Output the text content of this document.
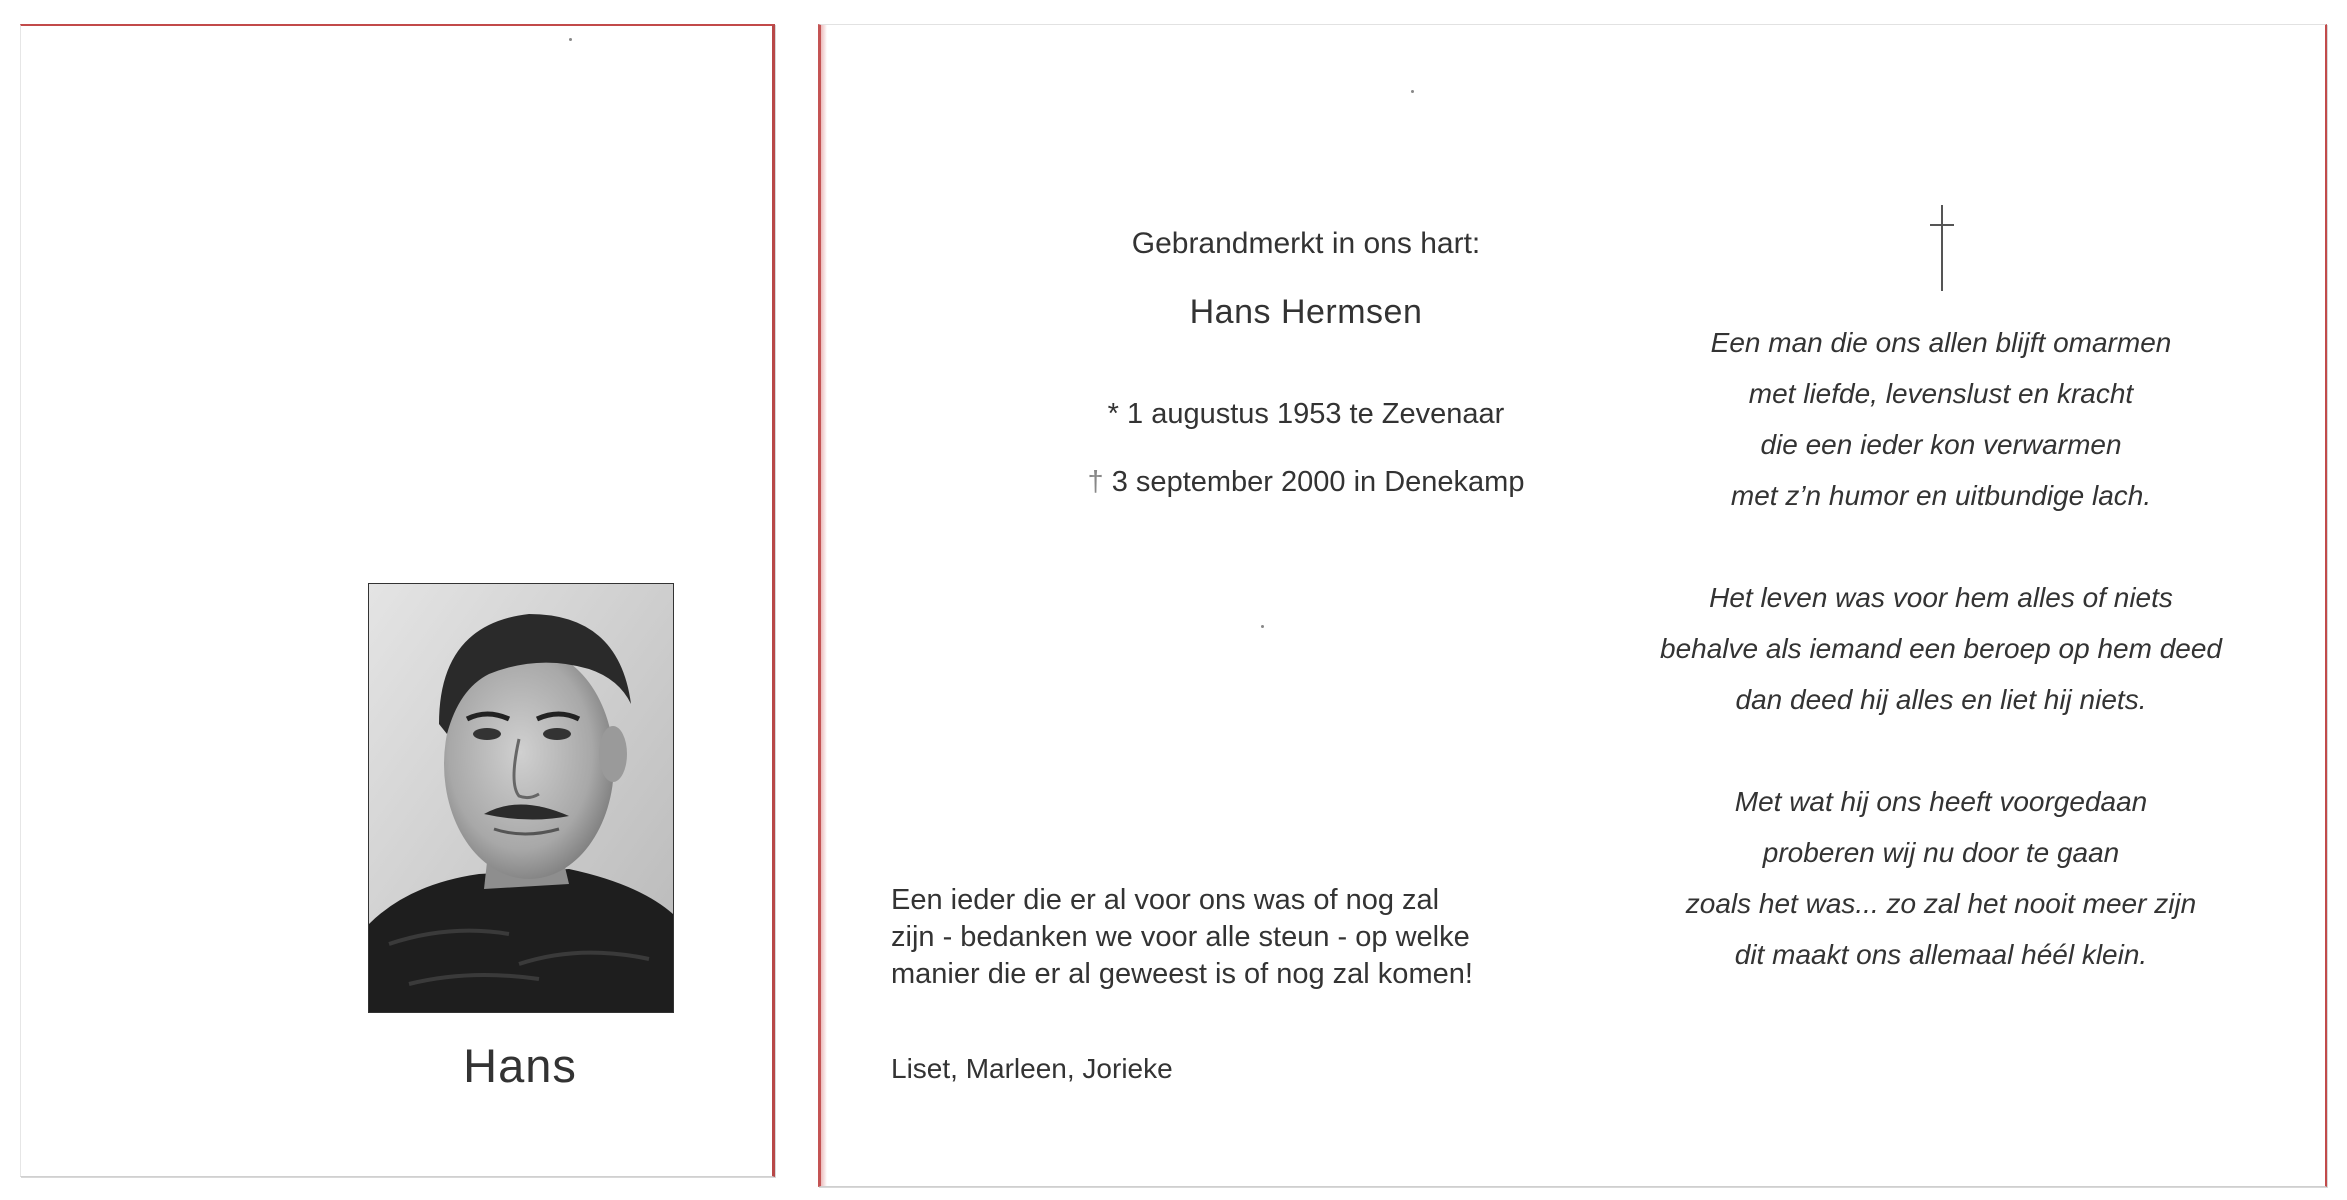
Hans
Gebrandmerkt in ons hart:
Hans Hermsen
* 1 augustus 1953 te Zevenaar
† 3 september 2000 in Denekamp
Een ieder die er al voor ons was of nog zal
zijn - bedanken we voor alle steun - op welke
manier die er al geweest is of nog zal komen!
Liset, Marleen, Jorieke
Een man die ons allen blijft omarmen
met liefde, levenslust en kracht
die een ieder kon verwarmen
met z’n humor en uitbundige lach.
Het leven was voor hem alles of niets
behalve als iemand een beroep op hem deed
dan deed hij alles en liet hij niets.
Met wat hij ons heeft voorgedaan
proberen wij nu door te gaan
zoals het was... zo zal het nooit meer zijn
dit maakt ons allemaal héél klein.
